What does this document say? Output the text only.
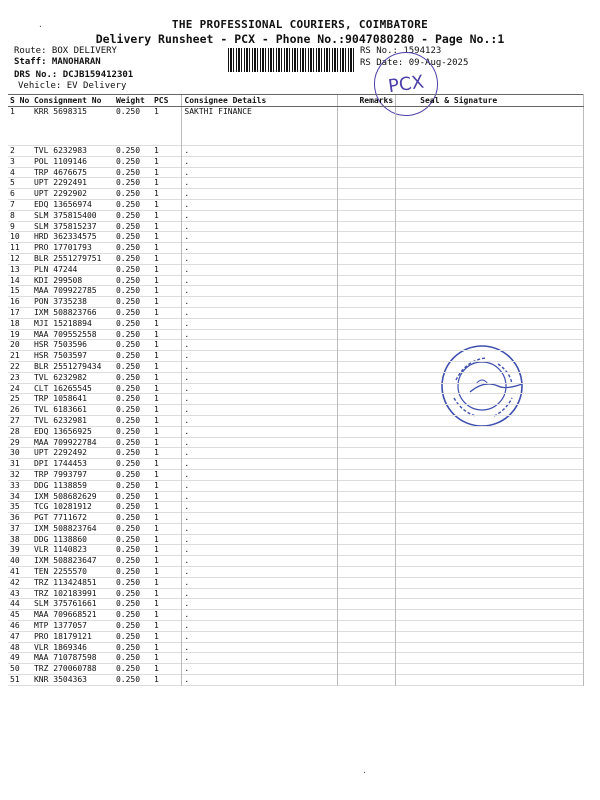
THE PROFESSIONAL COURIERS, COIMBATORE
Delivery Runsheet - PCX - Phone No.:9047080280 - Page No.:1
Route: BOX DELIVERY
Staff: MANOHARAN
DRS No.: DCJB159412301
Vehicle: EV Delivery
RS No.: 1594123
RS Date: 09-Aug-2025
PCX
S No	Consignment No	Weight	PCS	Consignee Details	Remarks	Seal & Signature
1	KRR 5698315	0.250	1	SAKTHI FINANCE		
2	TVL 6232983	0.250	1	.		
3	POL 1109146	0.250	1	.		
4	TRP 4676675	0.250	1	.		
5	UPT 2292491	0.250	1	.		
6	UPT 2292902	0.250	1	.		
7	EDQ 13656974	0.250	1	.		
8	SLM 375815400	0.250	1	.		
9	SLM 375815237	0.250	1	.		
10	HRD 362334575	0.250	1	.		
11	PRO 17701793	0.250	1	.		
12	BLR 2551279751	0.250	1	.		
13	PLN 47244	0.250	1	.		
14	KDI 299508	0.250	1	.		
15	MAA 709922785	0.250	1	.		
16	PON 3735238	0.250	1	.		
17	IXM 508823766	0.250	1	.		
18	MJI 15218894	0.250	1	.		
19	MAA 709552558	0.250	1	.		
20	HSR 7503596	0.250	1	.		
21	HSR 7503597	0.250	1	.		
22	BLR 2551279434	0.250	1	.		
23	TVL 6232982	0.250	1	.		
24	CLT 16265545	0.250	1	.		
25	TRP 1058641	0.250	1	.		
26	TVL 6183661	0.250	1	.		
27	TVL 6232981	0.250	1	.		
28	EDQ 13656925	0.250	1	.		
29	MAA 709922784	0.250	1	.		
30	UPT 2292492	0.250	1	.		
31	DPI 1744453	0.250	1	.		
32	TRP 7993797	0.250	1	.		
33	DDG 1138859	0.250	1	.		
34	IXM 508682629	0.250	1	.		
35	TCG 10281912	0.250	1	.		
36	PGT 7711672	0.250	1	.		
37	IXM 508823764	0.250	1	.		
38	DDG 1138860	0.250	1	.		
39	VLR 1140823	0.250	1	.		
40	IXM 508823647	0.250	1	.		
41	TEN 2255570	0.250	1	.		
42	TRZ 113424851	0.250	1	.		
43	TRZ 102183991	0.250	1	.		
44	SLM 375761661	0.250	1	.		
45	MAA 709668521	0.250	1	.		
46	MTP 1377057	0.250	1	.		
47	PRO 18179121	0.250	1	.		
48	VLR 1869346	0.250	1	.		
49	MAA 710787598	0.250	1	.		
50	TRZ 270060788	0.250	1	.		
51	KNR 3504363	0.250	1	.		
.
.
